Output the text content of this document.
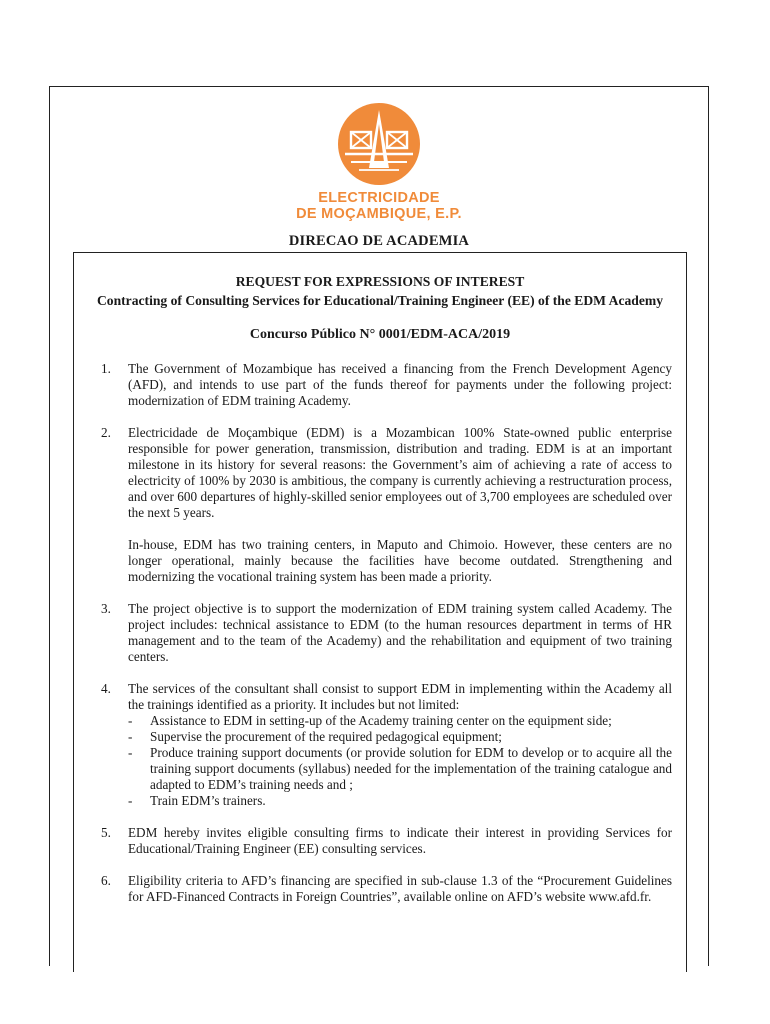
ELECTRICIDADE
DE MOÇAMBIQUE, E.P.
DIRECAO DE ACADEMIA
REQUEST FOR EXPRESSIONS OF INTEREST
Contracting of Consulting Services for Educational/Training Engineer (EE) of the EDM Academy
Concurso Público N° 0001/EDM-ACA/2019
1. The Government of Mozambique has received a financing from the French Development Agency (AFD), and intends to use part of the funds thereof for payments under the following project: modernization of EDM training Academy.
2. Electricidade de Moçambique (EDM) is a Mozambican 100% State-owned public enterprise responsible for power generation, transmission, distribution and trading. EDM is at an important milestone in its history for several reasons: the Government’s aim of achieving a rate of access to electricity of 100% by 2030 is ambitious, the company is currently achieving a restructuration process, and over 600 departures of highly-skilled senior employees out of 3,700 employees are scheduled over the next 5 years.
In-house, EDM has two training centers, in Maputo and Chimoio. However, these centers are no longer operational, mainly because the facilities have become outdated. Strengthening and modernizing the vocational training system has been made a priority.
3. The project objective is to support the modernization of EDM training system called Academy. The project includes: technical assistance to EDM (to the human resources department in terms of HR management and to the team of the Academy) and the rehabilitation and equipment of two training centers.
4. The services of the consultant shall consist to support EDM in implementing within the Academy all the trainings identified as a priority. It includes but not limited:
- Assistance to EDM in setting-up of the Academy training center on the equipment side;
- Supervise the procurement of the required pedagogical equipment;
- Produce training support documents (or provide solution for EDM to develop or to acquire all the training support documents (syllabus) needed for the implementation of the training catalogue and adapted to EDM’s training needs and ;
- Train EDM’s trainers.
5. EDM hereby invites eligible consulting firms to indicate their interest in providing Services for Educational/Training Engineer (EE) consulting services.
6. Eligibility criteria to AFD’s financing are specified in sub-clause 1.3 of the “Procurement Guidelines for AFD-Financed Contracts in Foreign Countries”, available online on AFD’s website www.afd.fr.
